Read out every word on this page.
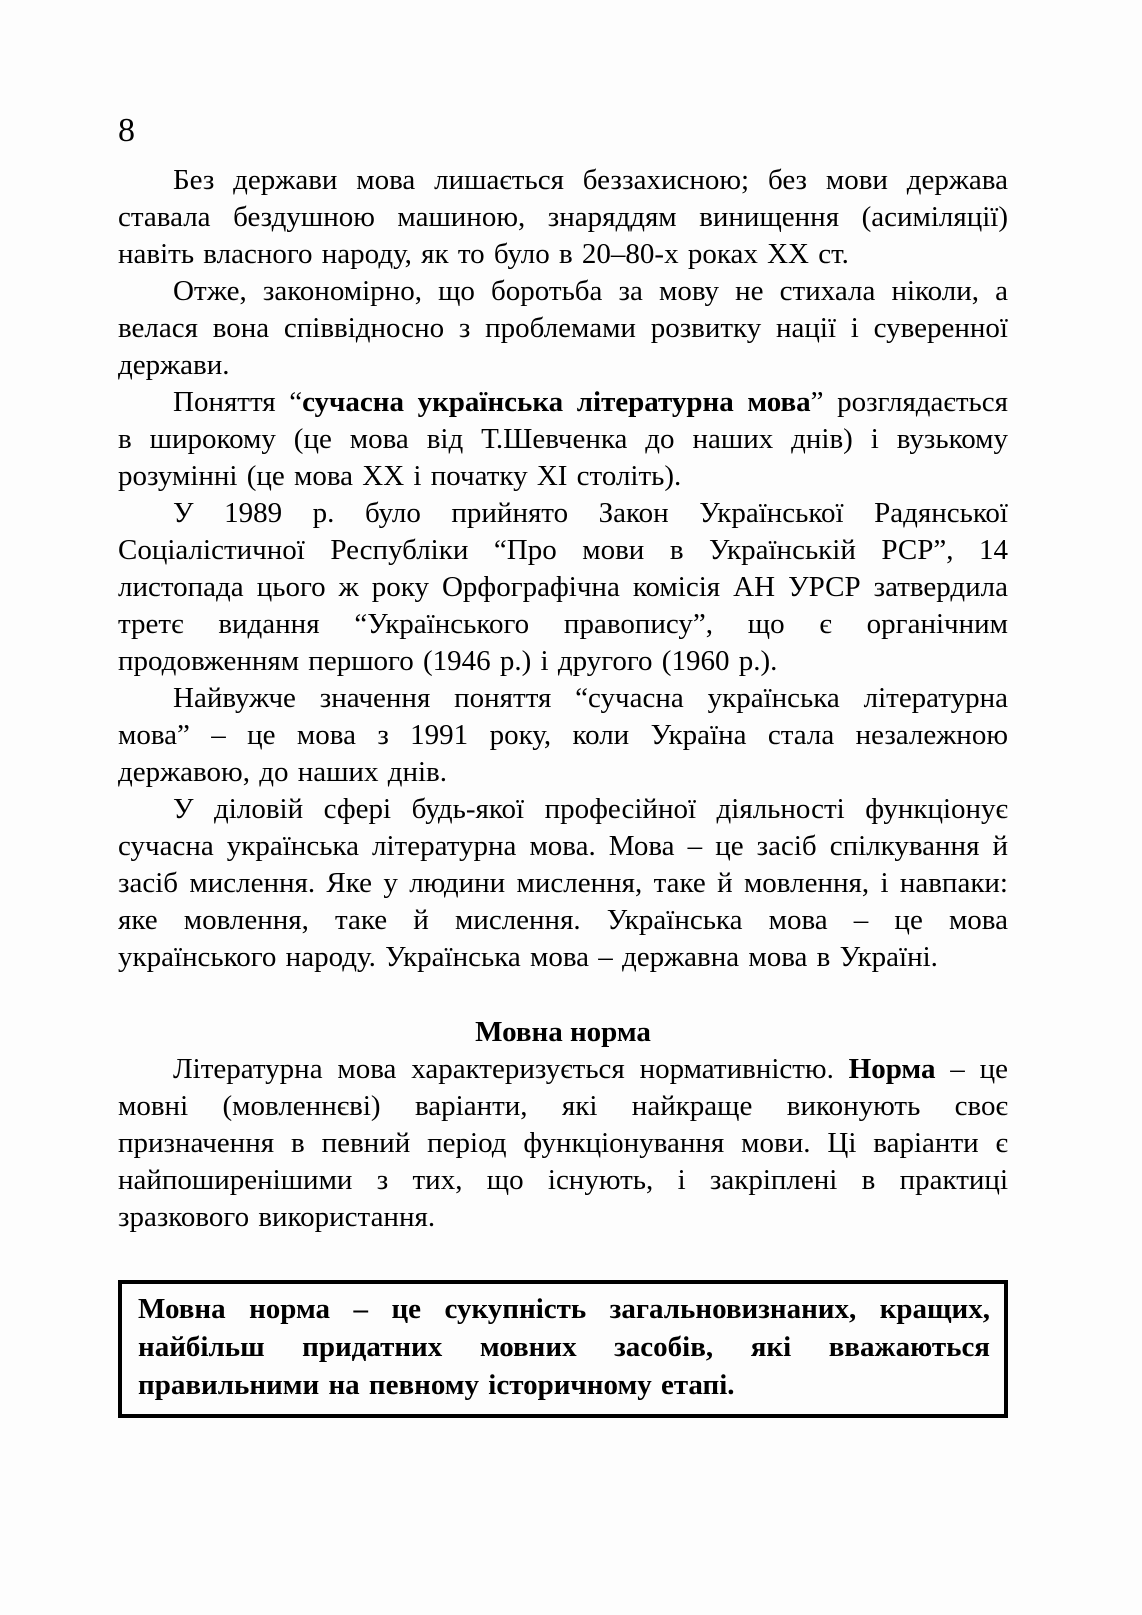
8

Без держави мова лишається беззахисною; без мови держава ставала бездушною машиною, знаряддям винищення (асиміляції) навіть власного народу, як то було в 20–80-х роках ХХ ст.

Отже, закономірно, що боротьба за мову не стихала ніколи, а велася вона співвідносно з проблемами розвитку нації і суверенної держави.

Поняття “сучасна українська літературна мова” розглядається в широкому (це мова від Т.Шевченка до наших днів) і вузькому розумінні (це мова ХХ і початку ХІ століть).

У 1989 р. було прийнято Закон Української Радянської Соціалістичної Республіки “Про мови в Українській РСР”, 14 листопада цього ж року Орфографічна комісія АН УРСР затвердила третє видання “Українського правопису”, що є органічним продовженням першого (1946 р.) і другого (1960 р.).

Найвужче значення поняття “сучасна українська літературна мова” – це мова з 1991 року, коли Україна стала незалежною державою, до наших днів.

У діловій сфері будь-якої професійної діяльності функціонує сучасна українська літературна мова. Мова – це засіб спілкування й засіб мислення. Яке у людини мислення, таке й мовлення, і навпаки: яке мовлення, таке й мислення. Українська мова – це мова українського народу. Українська мова – державна мова в Україні.

Мовна норма

Літературна мова характеризується нормативністю. Норма – це мовні (мовленнєві) варіанти, які найкраще виконують своє призначення в певний період функціонування мови. Ці варіанти є найпоширенішими з тих, що існують, і закріплені в практиці зразкового використання.

Мовна норма – це сукупність загальновизнаних, кращих, найбільш придатних мовних засобів, які вважаються правильними на певному історичному етапі.
